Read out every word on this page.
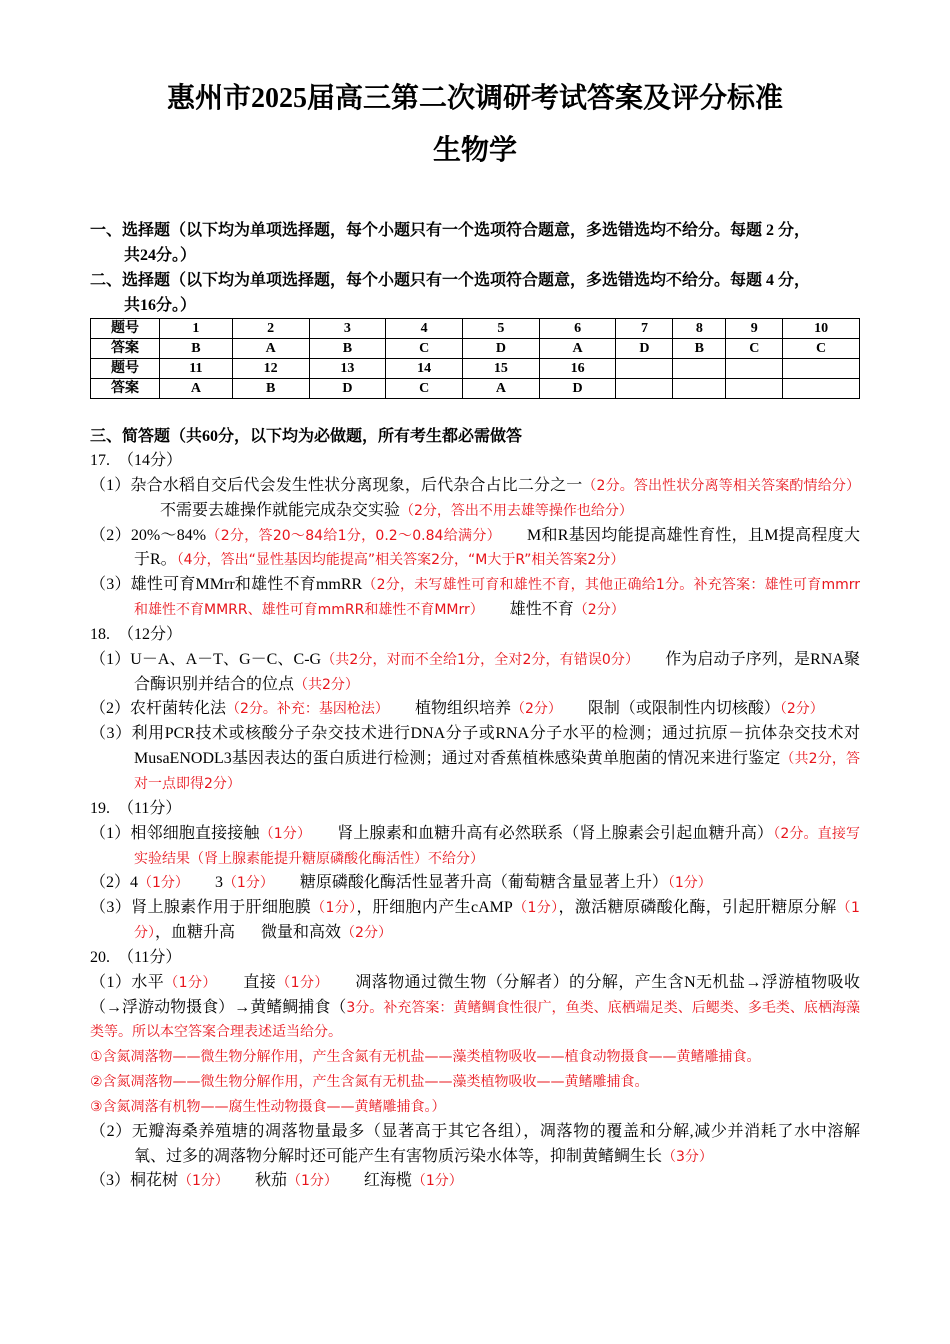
惠州市2025届高三第二次调研考试答案及评分标准
生物学
一、选择题（以下均为单项选择题，每个小题只有一个选项符合题意，多选错选均不给分。每题 2 分，
共24分。）
二、选择题（以下均为单项选择题，每个小题只有一个选项符合题意，多选错选均不给分。每题 4 分，
共16分。）
题号	1	2	3	4	5	6	7	8	9	10
答案	B	A	B	C	D	A	D	B	C	C
题号	11	12	13	14	15	16				
答案	A	B	D	C	A	D				
三、简答题（共60分，以下均为必做题，所有考生都必需做答
17.　（14分）
（1）杂合水稻自交后代会发生性状分离现象，后代杂合占比二分之一（2分。答出性状分离等相关答案酌情给分）不需要去雄操作就能完成杂交实验（2分，答出不用去雄等操作也给分）
（2）20%～84%（2分，答20～84给1分，0.2～0.84给满分） M和R基因均能提高雄性育性，且M提高程度大于R。（4分，答出“显性基因均能提高”相关答案2分，“M大于R”相关答案2分）
（3）雄性可育MMrr和雄性不育mmRR（2分，未写雄性可育和雄性不育，其他正确给1分。补充答案：雄性可育mmrr和雄性不育MMRR、雄性可育mmRR和雄性不育MMrr） 雄性不育（2分）
18.　（12分）
（1）U－A、A－T、G－C、C-G（共2分，对而不全给1分，全对2分，有错误0分） 作为启动子序列，是RNA聚合酶识别并结合的位点（共2分）
（2）农杆菌转化法（2分。补充：基因枪法） 植物组织培养（2分） 限制（或限制性内切核酸）（2分）
（3）利用PCR技术或核酸分子杂交技术进行DNA分子或RNA分子水平的检测；通过抗原－抗体杂交技术对MusaENODL3基因表达的蛋白质进行检测；通过对香蕉植株感染黄单胞菌的情况来进行鉴定（共2分，答对一点即得2分）
19.　（11分）
（1）相邻细胞直接接触（1分） 肾上腺素和血糖升高有必然联系（肾上腺素会引起血糖升高）（2分。直接写实验结果（肾上腺素能提升糖原磷酸化酶活性）不给分）
（2）4（1分） 3（1分） 糖原磷酸化酶活性显著升高（葡萄糖含量显著上升）（1分）
（3）肾上腺素作用于肝细胞膜（1分），肝细胞内产生cAMP（1分），激活糖原磷酸化酶，引起肝糖原分解（1分），血糖升高 微量和高效（2分）
20.　（11分）
（1）水平（1分） 直接（1分） 凋落物通过微生物（分解者）的分解，产生含N无机盐→浮游植物吸收（→浮游动物摄食）→黄鳍鲷捕食（3分。补充答案：黄鳍鲷食性很广，鱼类、底栖端足类、后鳃类、多毛类、底栖海藻类等。所以本空答案合理表述适当给分。
①含氮凋落物——微生物分解作用，产生含氮有无机盐——藻类植物吸收——植食动物摄食——黄鳍雕捕食。
②含氮凋落物——微生物分解作用，产生含氮有无机盐——藻类植物吸收——黄鳍雕捕食。
③含氮凋落有机物——腐生性动物摄食——黄鳍雕捕食。）
（2）无瓣海桑养殖塘的凋落物量最多（显著高于其它各组），凋落物的覆盖和分解,减少并消耗了水中溶解氧、过多的凋落物分解时还可能产生有害物质污染水体等，抑制黄鳍鲷生长（3分）
（3）桐花树（1分） 秋茄（1分） 红海榄（1分）
